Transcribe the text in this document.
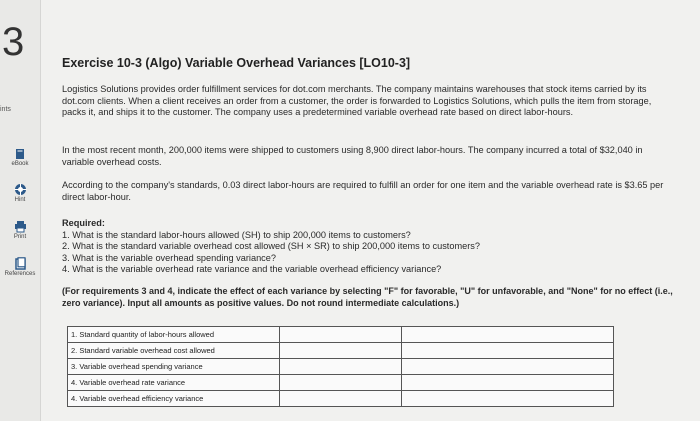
3
ints
eBook
Hint
Print
References
Exercise 10-3 (Algo) Variable Overhead Variances [LO10-3]
Logistics Solutions provides order fulfillment services for dot.com merchants. The company maintains warehouses that stock items carried by its dot.com clients. When a client receives an order from a customer, the order is forwarded to Logistics Solutions, which pulls the item from storage, packs it, and ships it to the customer. The company uses a predetermined variable overhead rate based on direct labor-hours.
In the most recent month, 200,000 items were shipped to customers using 8,900 direct labor-hours. The company incurred a total of $32,040 in variable overhead costs.
According to the company's standards, 0.03 direct labor-hours are required to fulfill an order for one item and the variable overhead rate is $3.65 per direct labor-hour.
Required:
1. What is the standard labor-hours allowed (SH) to ship 200,000 items to customers?
2. What is the standard variable overhead cost allowed (SH × SR) to ship 200,000 items to customers?
3. What is the variable overhead spending variance?
4. What is the variable overhead rate variance and the variable overhead efficiency variance?
(For requirements 3 and 4, indicate the effect of each variance by selecting "F" for favorable, "U" for unfavorable, and "None" for no effect (i.e., zero variance). Input all amounts as positive values. Do not round intermediate calculations.)
1. Standard quantity of labor-hours allowed	

2. Standard variable overhead cost allowed	

3. Variable overhead spending variance	

4. Variable overhead rate variance	

4. Variable overhead efficiency variance	
